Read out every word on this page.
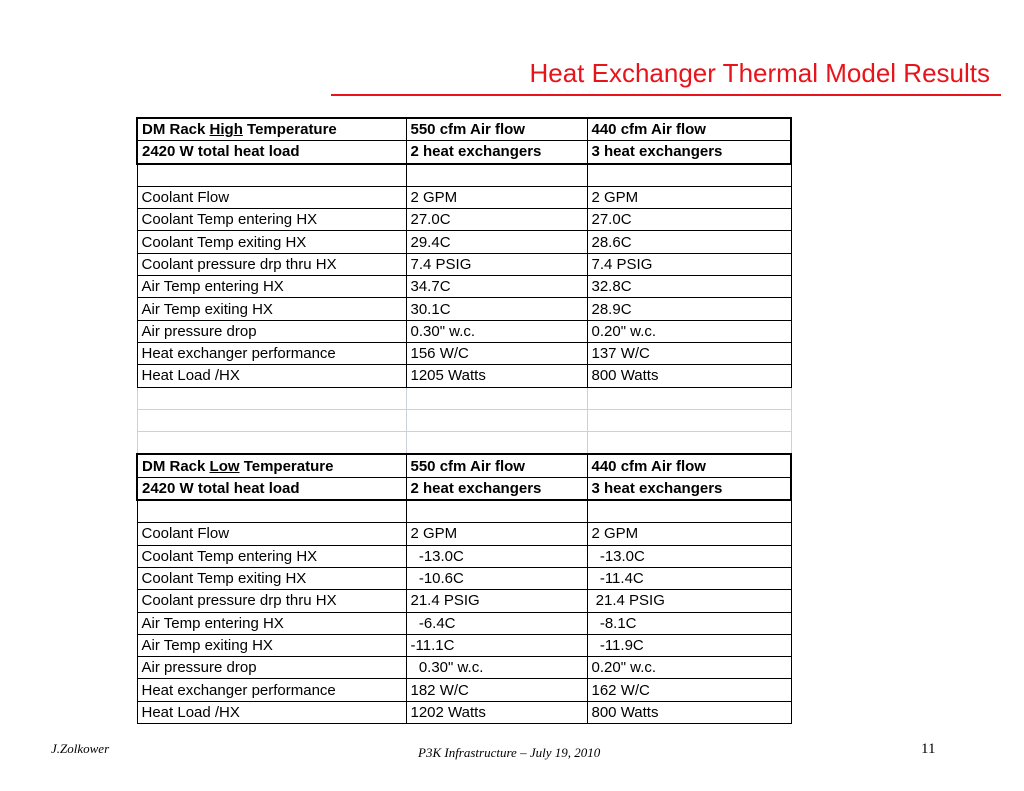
Heat Exchanger Thermal Model Results
DM Rack High Temperature	550 cfm Air flow	440 cfm Air flow
2420 W total heat load	2 heat exchangers	3 heat exchangers

Coolant Flow	2 GPM	2 GPM
Coolant Temp entering HX	27.0C	27.0C
Coolant Temp exiting HX	29.4C	28.6C
Coolant pressure drp thru HX	7.4 PSIG	7.4 PSIG
Air Temp entering HX	34.7C	32.8C
Air Temp exiting HX	30.1C	28.9C
Air pressure drop	0.30" w.c.	0.20" w.c.
Heat exchanger performance	156 W/C	137 W/C
Heat Load /HX	1205 Watts	800 Watts

DM Rack Low Temperature	550 cfm Air flow	440 cfm Air flow
2420 W total heat load	2 heat exchangers	3 heat exchangers

Coolant Flow	2 GPM	2 GPM
Coolant Temp entering HX	-13.0C	-13.0C
Coolant Temp exiting HX	-10.6C	-11.4C
Coolant pressure drp thru HX	21.4 PSIG	21.4 PSIG
Air Temp entering HX	-6.4C	-8.1C
Air Temp exiting HX	-11.1C	-11.9C
Air pressure drop	0.30" w.c.	0.20" w.c.
Heat exchanger performance	182 W/C	162 W/C
Heat Load /HX	1202 Watts	800 Watts
J.Zolkower	P3K Infrastructure – July 19, 2010	11
